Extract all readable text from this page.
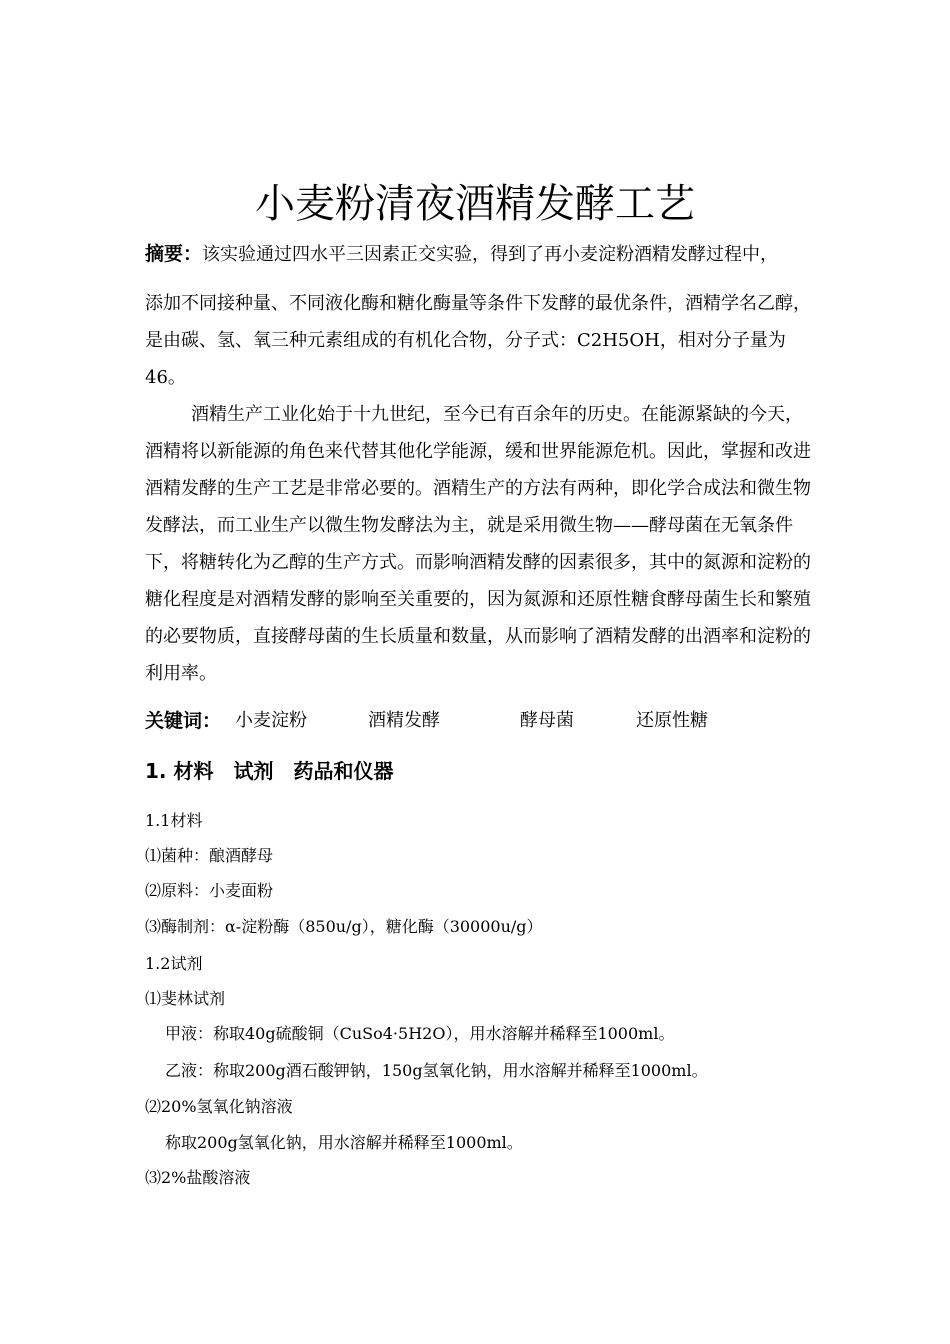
小麦粉清夜酒精发酵工艺

摘要：该实验通过四水平三因素正交实验，得到了再小麦淀粉酒精发酵过程中，

添加不同接种量、不同液化酶和糖化酶量等条件下发酵的最优条件，酒精学名乙醇，是由碳、氢、氧三种元素组成的有机化合物，分子式：C2H5OH，相对分子量为46。

酒精生产工业化始于十九世纪，至今已有百余年的历史。在能源紧缺的今天，酒精将以新能源的角色来代替其他化学能源，缓和世界能源危机。因此，掌握和改进酒精发酵的生产工艺是非常必要的。酒精生产的方法有两种，即化学合成法和微生物发酵法，而工业生产以微生物发酵法为主，就是采用微生物——酵母菌在无氧条件下，将糖转化为乙醇的生产方式。而影响酒精发酵的因素很多，其中的氮源和淀粉的糖化程度是对酒精发酵的影响至关重要的，因为氮源和还原性糖食酵母菌生长和繁殖的必要物质，直接酵母菌的生长质量和数量，从而影响了酒精发酵的出酒率和淀粉的利用率。

关键词： 小麦淀粉	酒精发酵	酵母菌	还原性糖
1. 材料　试剂　药品和仪器
1.1材料
⑴菌种：酿酒酵母
⑵原料：小麦面粉
⑶酶制剂：α-淀粉酶（850u/g），糖化酶（30000u/g）
1.2试剂
⑴斐林试剂
甲液：称取40g硫酸铜（CuSo4·5H2O），用水溶解并稀释至1000ml。
乙液：称取200g酒石酸钾钠，150g氢氧化钠，用水溶解并稀释至1000ml。
⑵20%氢氧化钠溶液
称取200g氢氧化钠，用水溶解并稀释至1000ml。
⑶2%盐酸溶液
